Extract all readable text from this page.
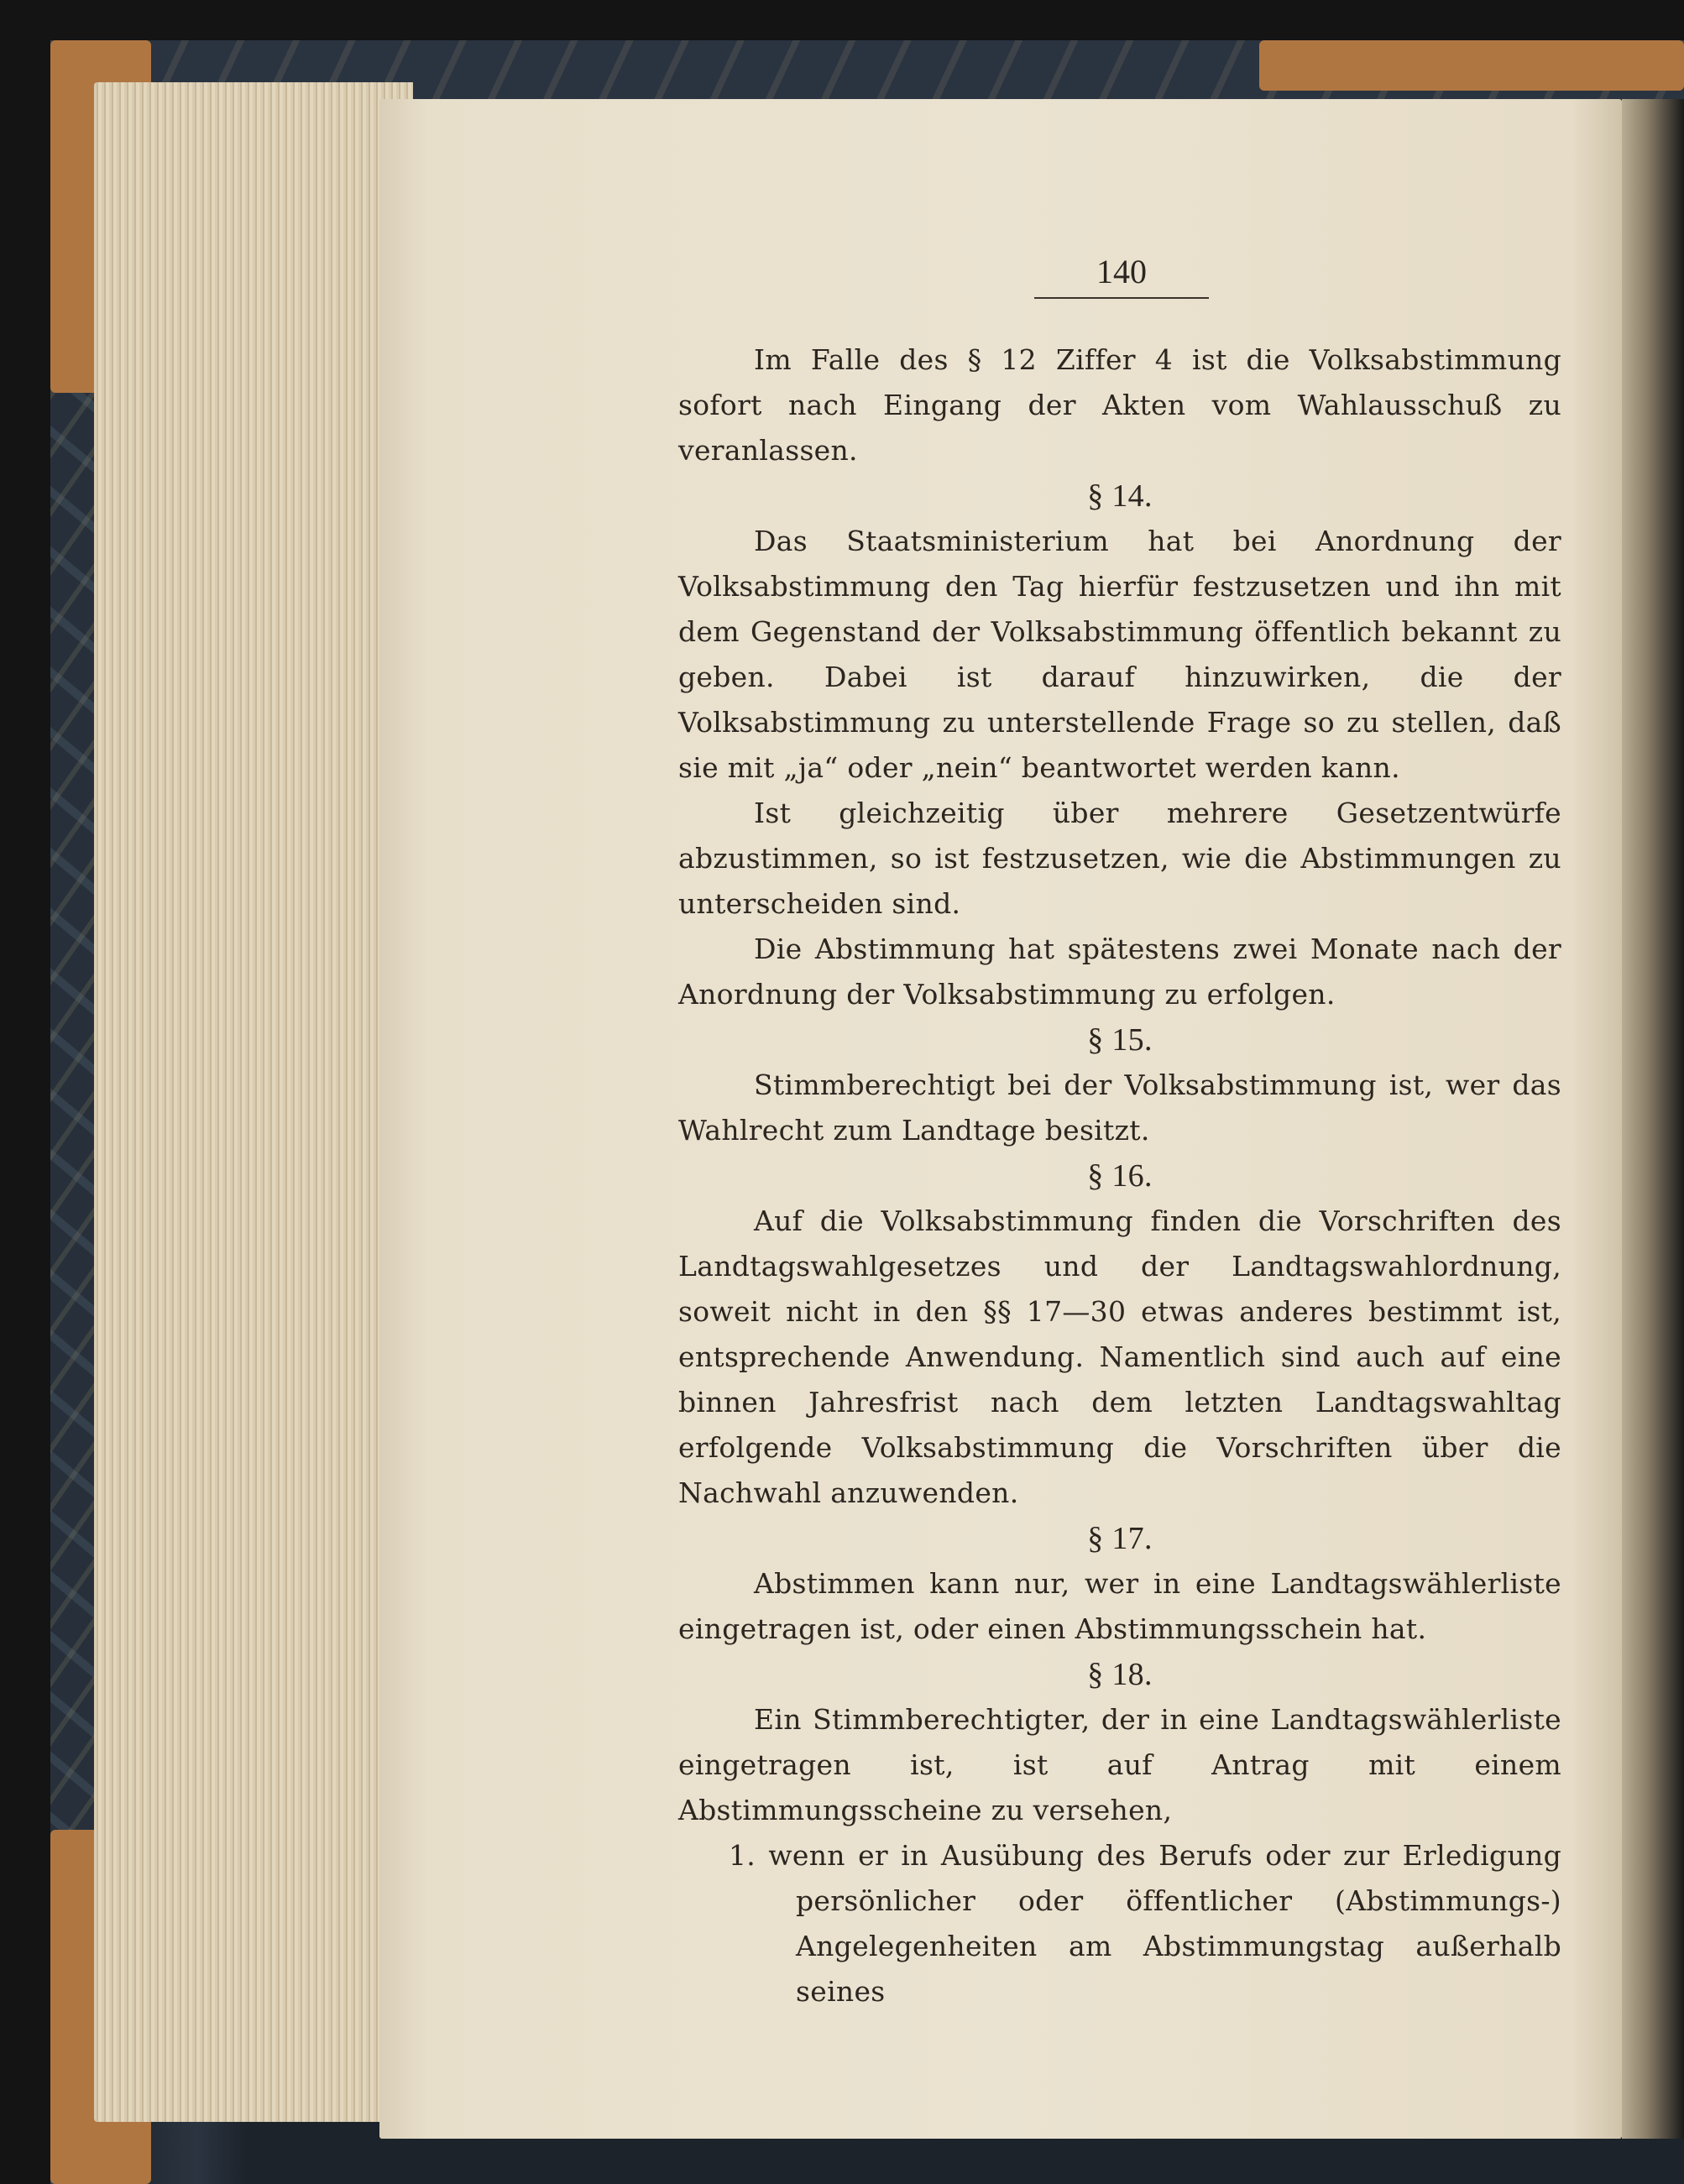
140

Im Falle des § 12 Ziffer 4 ist die Volksabstimmung sofort nach Eingang der Akten vom Wahlausschuß zu veranlassen.

§ 14.

Das Staatsministerium hat bei Anordnung der Volksabstimmung den Tag hierfür festzusetzen und ihn mit dem Gegenstand der Volksabstimmung öffentlich bekannt zu geben. Dabei ist darauf hinzuwirken, die der Volksabstimmung zu unterstellende Frage so zu stellen, daß sie mit „ja“ oder „nein“ beantwortet werden kann.

Ist gleichzeitig über mehrere Gesetzentwürfe abzustimmen, so ist festzusetzen, wie die Abstimmungen zu unterscheiden sind.

Die Abstimmung hat spätestens zwei Monate nach der Anordnung der Volksabstimmung zu erfolgen.

§ 15.

Stimmberechtigt bei der Volksabstimmung ist, wer das Wahlrecht zum Landtage besitzt.

§ 16.

Auf die Volksabstimmung finden die Vorschriften des Landtagswahlgesetzes und der Landtagswahlordnung, soweit nicht in den §§ 17—30 etwas anderes bestimmt ist, entsprechende Anwendung. Namentlich sind auch auf eine binnen Jahresfrist nach dem letzten Landtagswahltag erfolgende Volksabstimmung die Vorschriften über die Nachwahl anzuwenden.

§ 17.

Abstimmen kann nur, wer in eine Landtagswählerliste eingetragen ist, oder einen Abstimmungsschein hat.

§ 18.

Ein Stimmberechtigter, der in eine Landtagswählerliste eingetragen ist, ist auf Antrag mit einem Abstimmungsscheine zu versehen,

1. wenn er in Ausübung des Berufs oder zur Erledigung persönlicher oder öffentlicher (Abstimmungs-) Angelegenheiten am Abstimmungstag außerhalb seines
